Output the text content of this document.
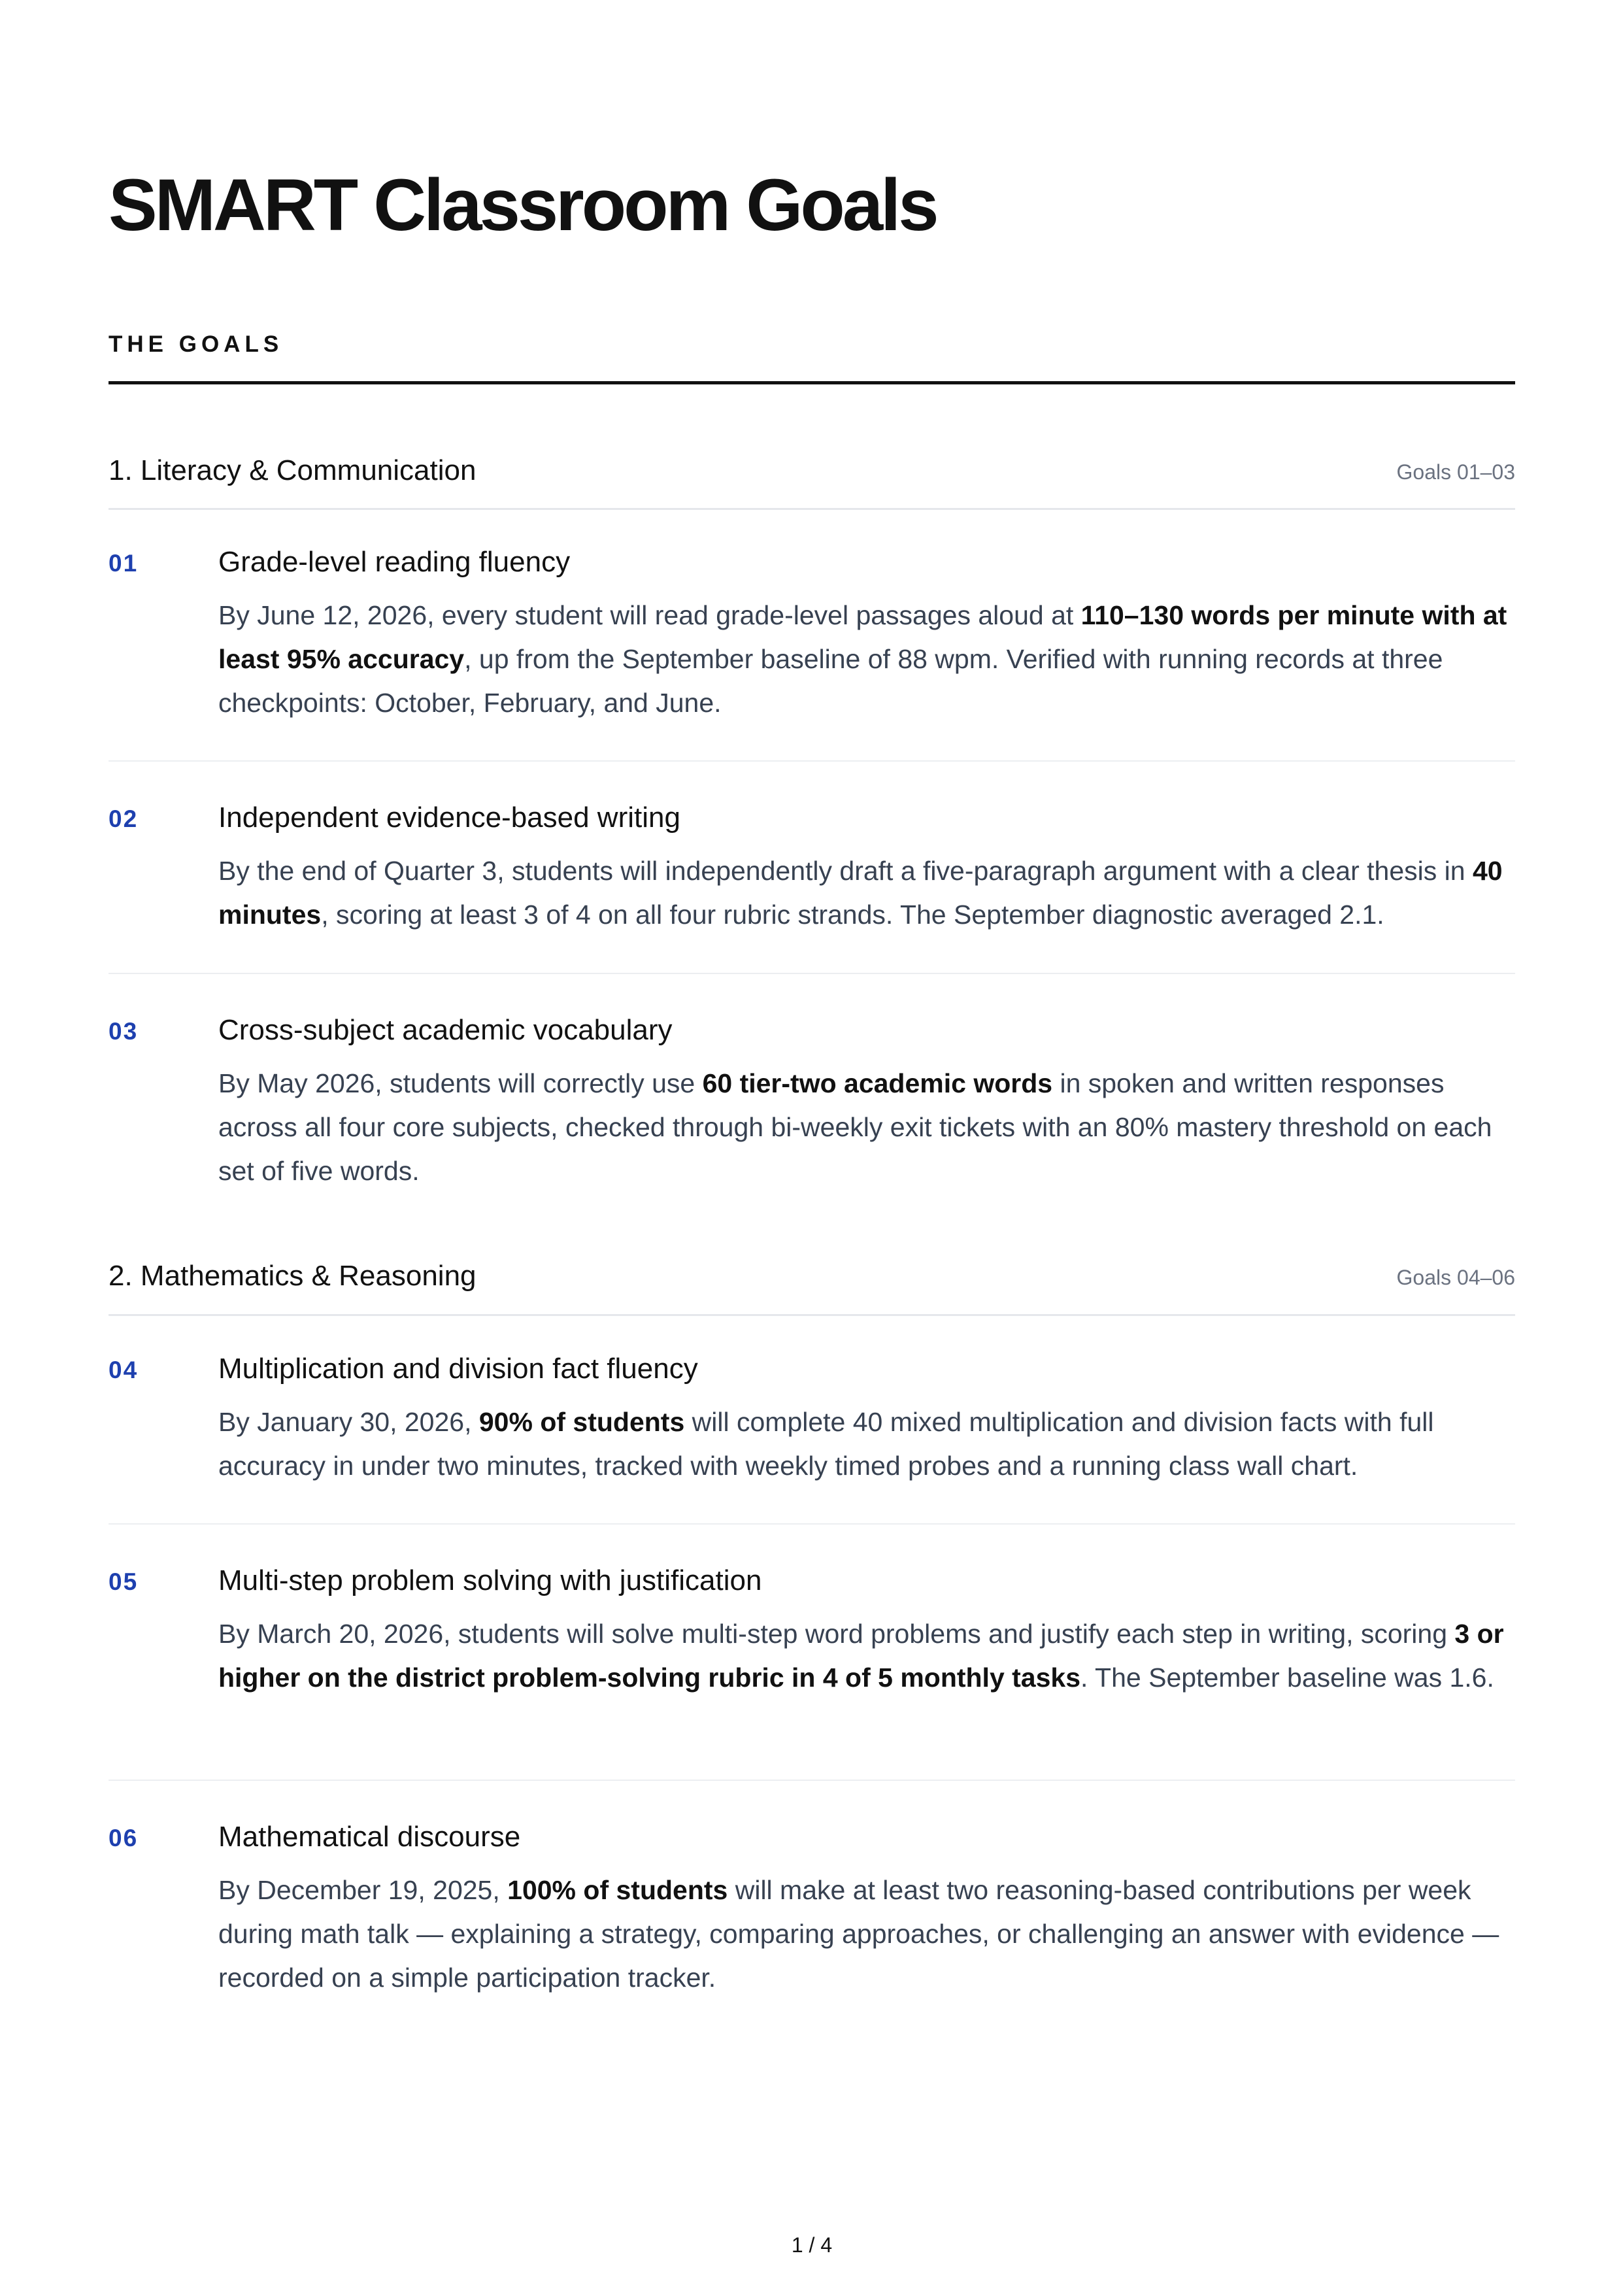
SMART Classroom Goals
THE GOALS
1. Literacy & Communication	Goals 01–03
01	Grade-level reading fluency

By June 12, 2026, every student will read grade-level passages aloud at 110–130 words per minute with at least 95% accuracy, up from the September baseline of 88 wpm. Verified with running records at three checkpoints: October, February, and June.

02	Independent evidence-based writing

By the end of Quarter 3, students will independently draft a five-paragraph argument with a clear thesis in 40 minutes, scoring at least 3 of 4 on all four rubric strands. The September diagnostic averaged 2.1.

03	Cross-subject academic vocabulary

By May 2026, students will correctly use 60 tier-two academic words in spoken and written responses across all four core subjects, checked through bi-weekly exit tickets with an 80% mastery threshold on each set of five words.

2. Mathematics & Reasoning	Goals 04–06
04	Multiplication and division fact fluency

By January 30, 2026, 90% of students will complete 40 mixed multiplication and division facts with full accuracy in under two minutes, tracked with weekly timed probes and a running class wall chart.

05	Multi-step problem solving with justification

By March 20, 2026, students will solve multi-step word problems and justify each step in writing, scoring 3 or higher on the district problem-solving rubric in 4 of 5 monthly tasks. The September baseline was 1.6.

06	Mathematical discourse

By December 19, 2025, 100% of students will make at least two reasoning-based contributions per week during math talk — explaining a strategy, comparing approaches, or challenging an answer with evidence — recorded on a simple participation tracker.

1 / 4
